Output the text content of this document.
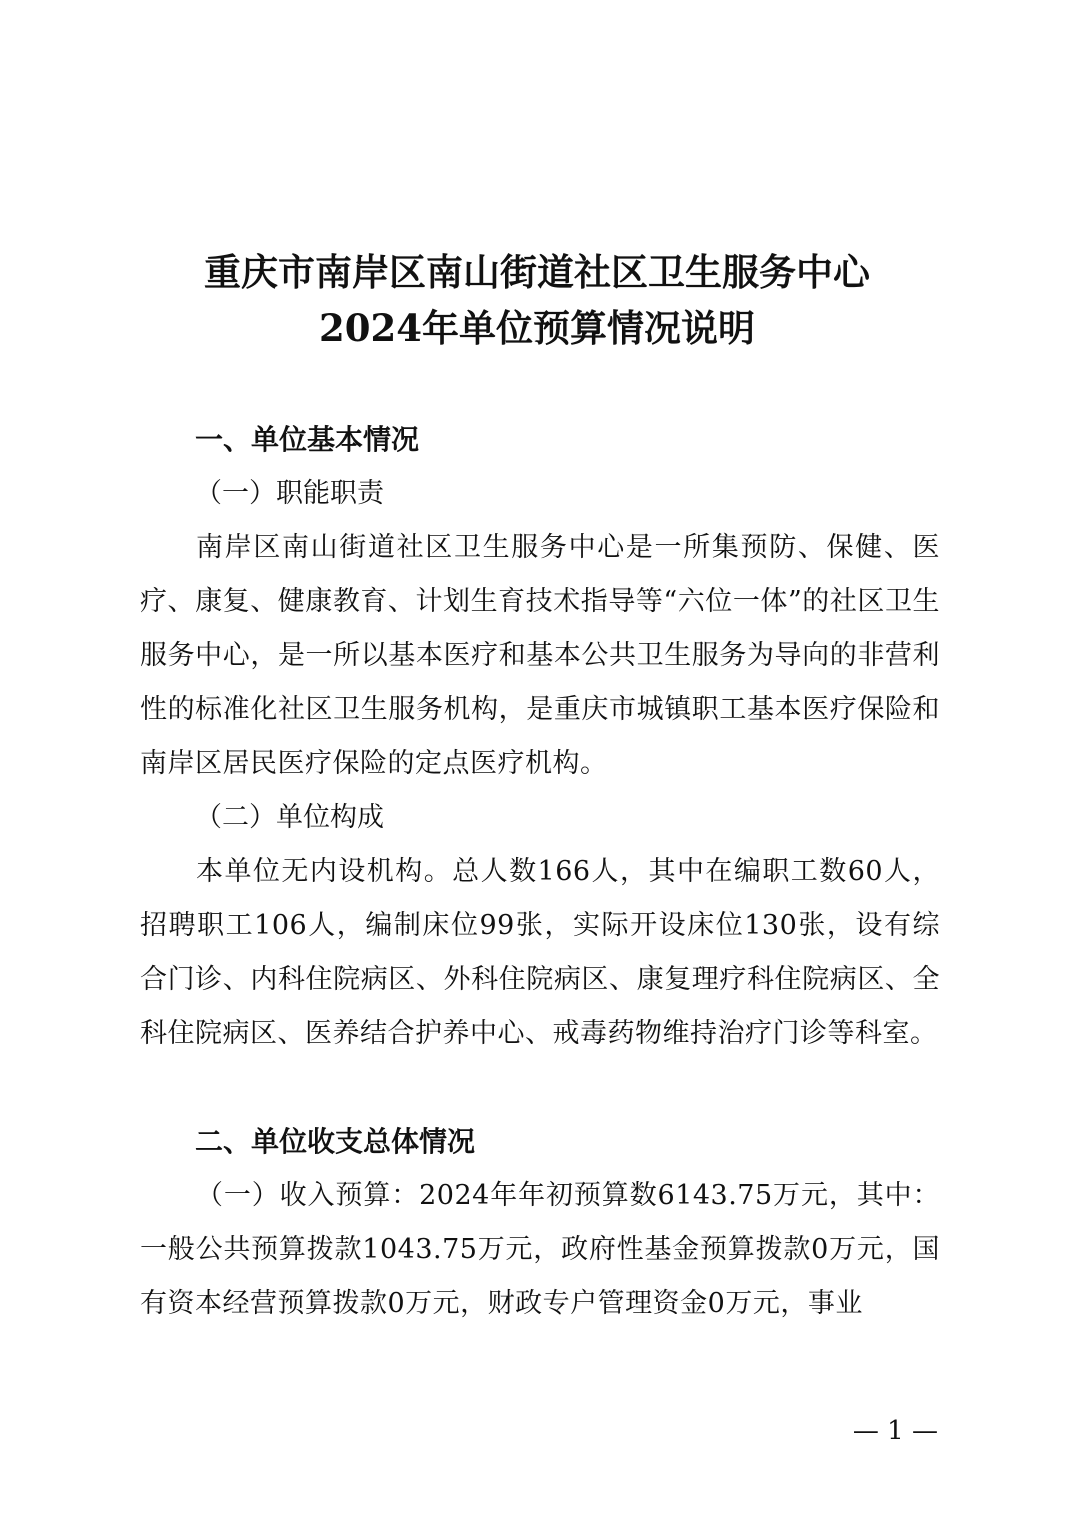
重庆市南岸区南山街道社区卫生服务中心
2024年单位预算情况说明
一、单位基本情况
（一）职能职责
南岸区南山街道社区卫生服务中心是一所集预防、保健、医疗、康复、健康教育、计划生育技术指导等“六位一体”的社区卫生服务中心，是一所以基本医疗和基本公共卫生服务为导向的非营利性的标准化社区卫生服务机构，是重庆市城镇职工基本医疗保险和南岸区居民医疗保险的定点医疗机构。
（二）单位构成
本单位无内设机构。总人数166人，其中在编职工数60人，招聘职工106人，编制床位99张，实际开设床位130张，设有综合门诊、内科住院病区、外科住院病区、康复理疗科住院病区、全科住院病区、医养结合护养中心、戒毒药物维持治疗门诊等科室。
二、单位收支总体情况
（一）收入预算：2024年年初预算数6143.75万元，其中：一般公共预算拨款1043.75万元，政府性基金预算拨款0万元，国有资本经营预算拨款0万元，财政专户管理资金0万元，事业
— 1 —
